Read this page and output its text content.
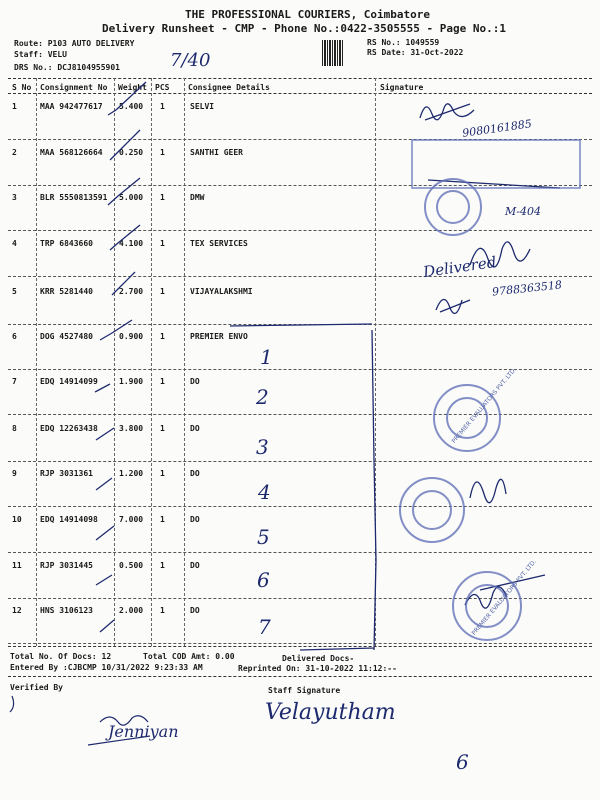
THE PROFESSIONAL COURIERS, Coimbatore
Delivery Runsheet - CMP - Phone No.:0422-3505555 - Page No.:1
Route: P103 AUTO DELIVERY
Staff: VELU
DRS No.: DCJ8104955901
RS No.: 1049559
RS Date: 31-Oct-2022
7/40
S No Consignment No Weight PCS Consignee Details	Signature
1	MAA 942477617 5.400 1	SELVI
2	MAA 568126664 0.250 1	SANTHI GEER
3	BLR 5550813591 5.000 1	DMW
4	TRP 6843660	4.100 1	TEX SERVICES
5	KRR 5281440	2.700 1	VIJAYALAKSHMI
6	DOG 4527480	0.900 1	PREMIER ENVO
7	EDQ 14914099	1.900 1	DO
8	EDQ 12263438	3.800 1	DO
9	RJP 3031361	1.200 1	DO
10 EDQ 14914098	7.000 1	DO
11 RJP 3031445	0.500 1	DO
12 HNS 3106123	2.000 1	DO
9080161885
9788363518
Delivered
M-404
1
2
3
4
5
6
7
PREMIER EVALUATORS PVT. LTD.
PREMIER EVALUATORS PVT. LTD.
Total No. Of Docs: 12	Total COD Amt: 0.00	Delivered Docs-
Entered By :CJBCMP 10/31/2022 9:23:33 AM	Reprinted On: 31-10-2022 11:12:--
Verified By	Staff Signature
Velayutham
Jenniyan
6
